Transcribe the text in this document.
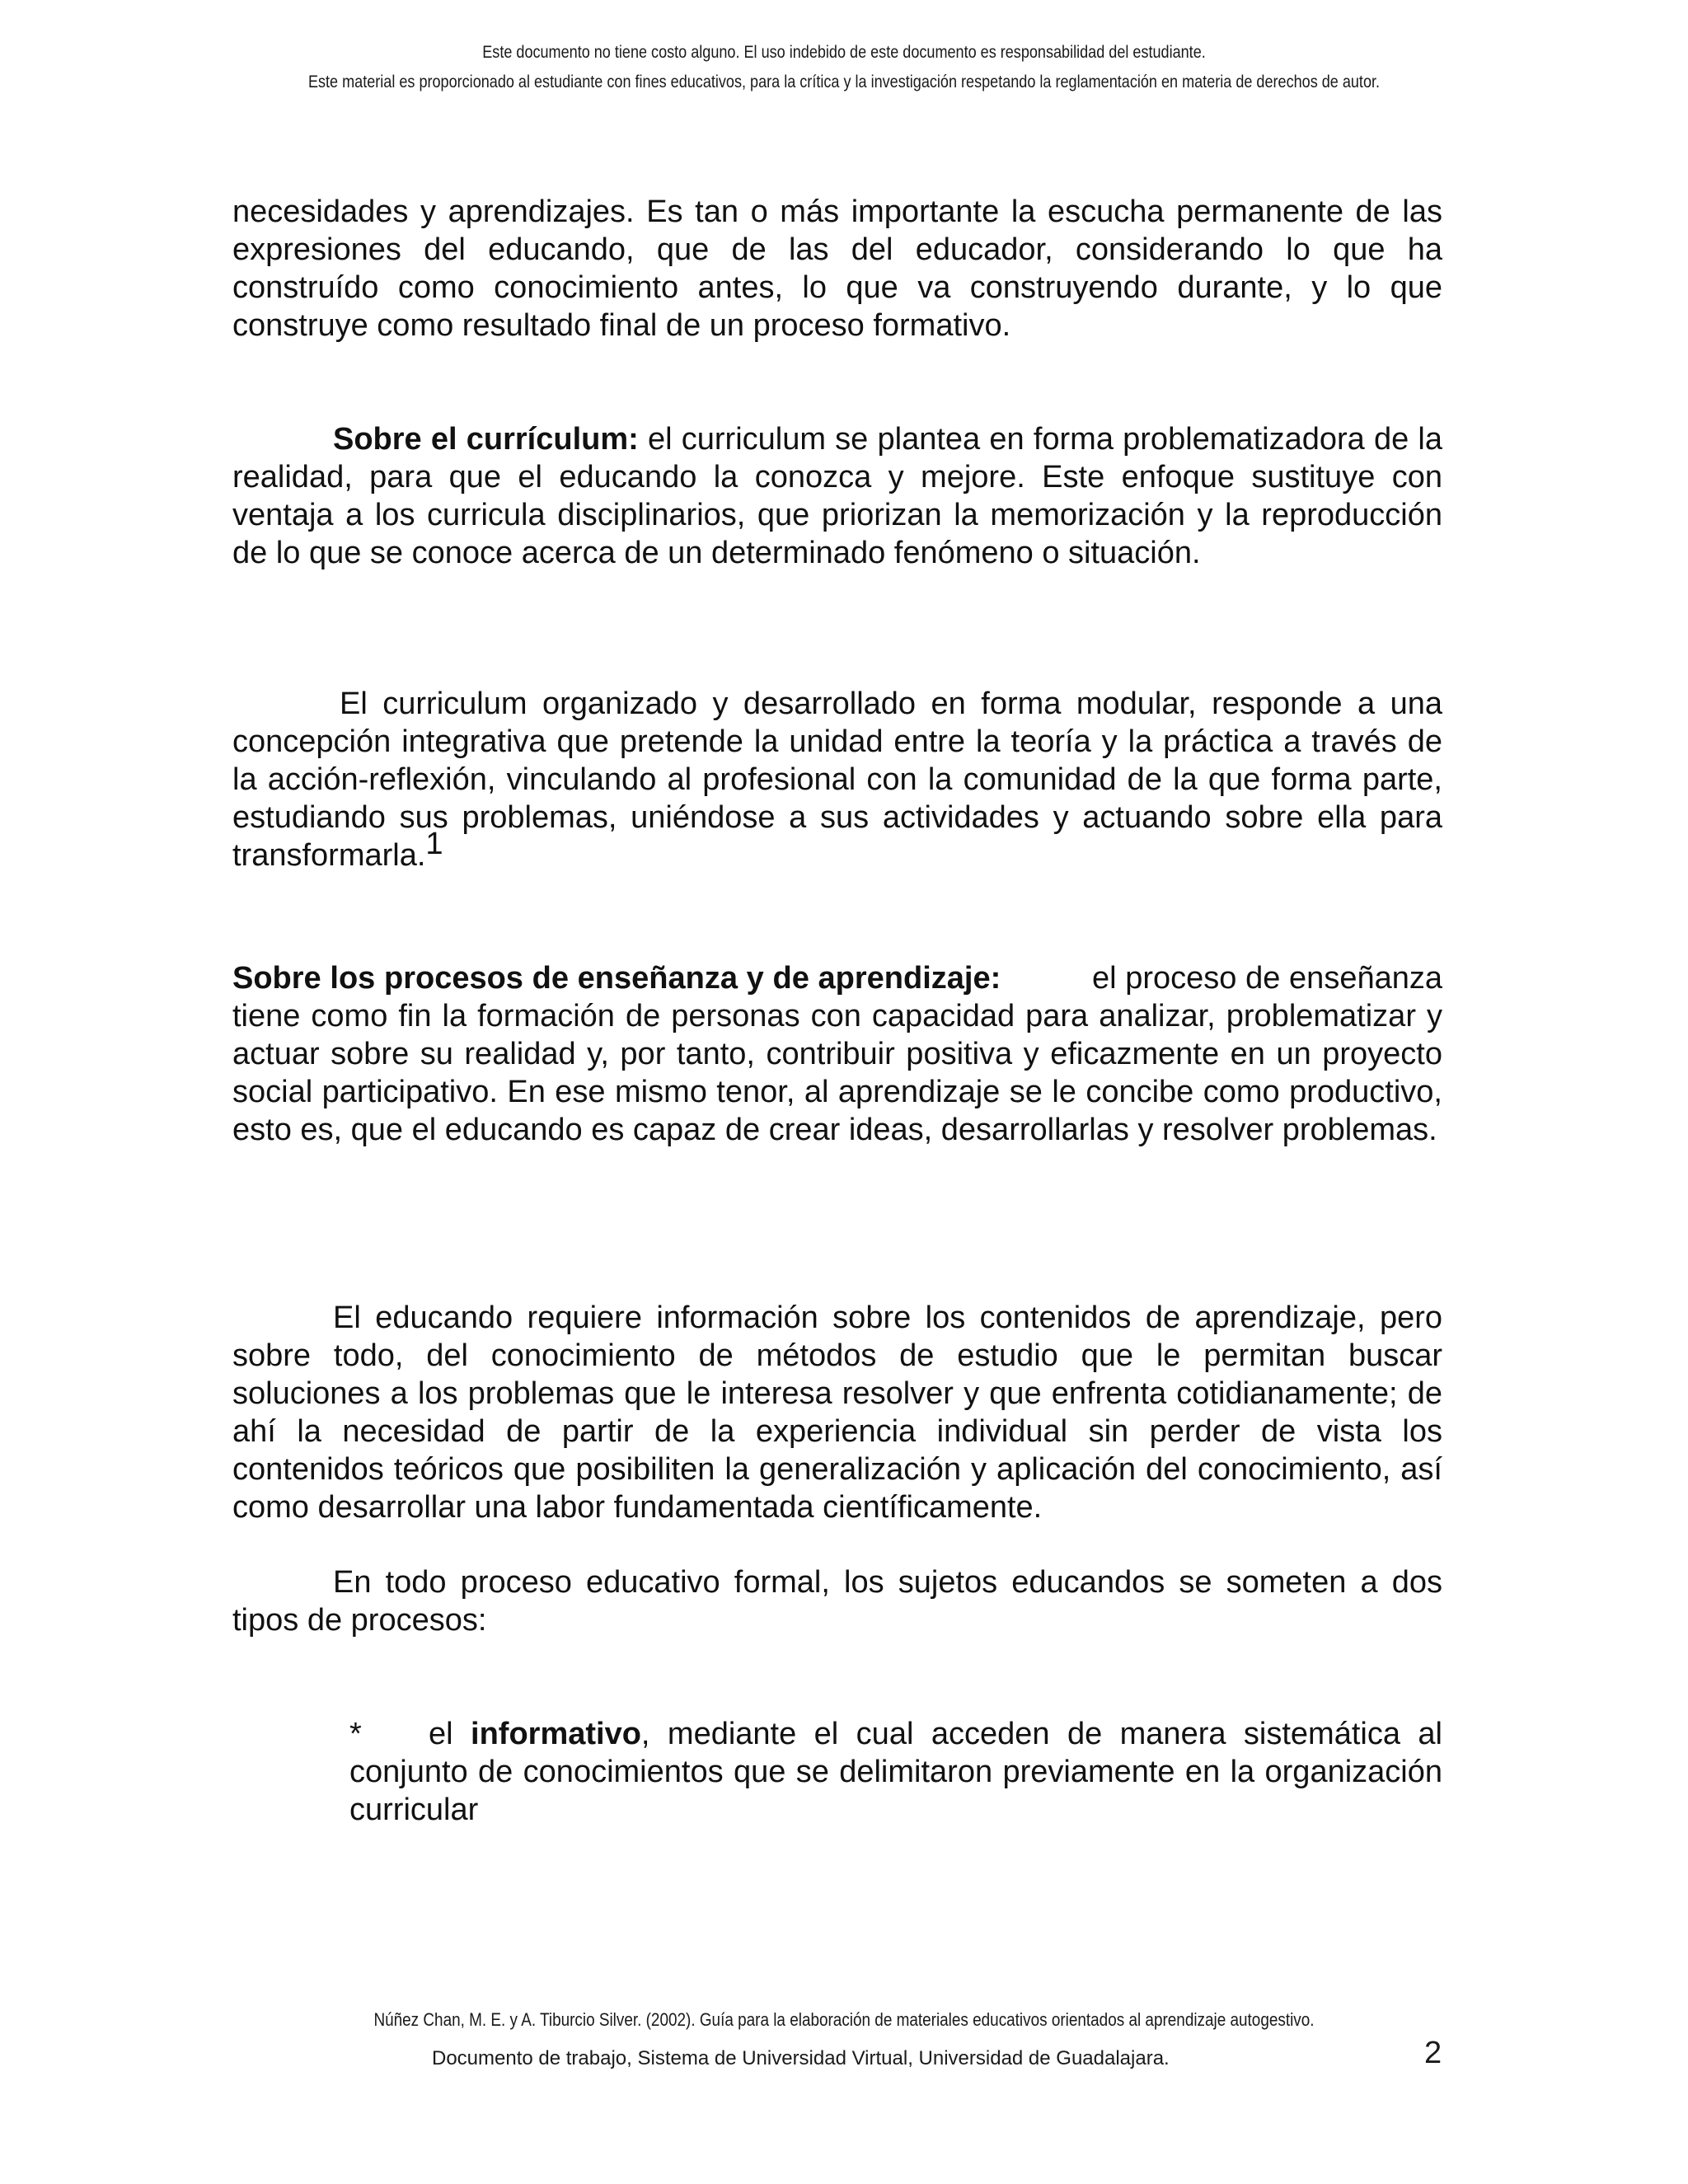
Este documento no tiene costo alguno. El uso indebido de este documento es responsabilidad del estudiante.
Este material es proporcionado al estudiante con fines educativos, para la crítica y la investigación respetando la reglamentación en materia de derechos de autor.

necesidades y aprendizajes. Es tan o más importante la escucha permanente de las expresiones del educando, que de las del educador, considerando lo que ha construído como conocimiento antes, lo que va construyendo durante, y lo que construye como resultado final de un proceso formativo.

Sobre el currículum: el curriculum se plantea en forma problematizadora de la realidad, para que el educando la conozca y mejore. Este enfoque sustituye con ventaja a los curricula disciplinarios, que priorizan la memorización y la reproducción de lo que se conoce acerca de un determinado fenómeno o situación.

El curriculum organizado y desarrollado en forma modular, responde a una concepción integrativa que pretende la unidad entre la teoría y la práctica a través de la acción-reflexión, vinculando al profesional con la comunidad de la que forma parte, estudiando sus problemas, uniéndose a sus actividades y actuando sobre ella para transformarla.$^1$

Sobre los procesos de enseñanza y de aprendizaje:	el proceso de enseñanza tiene como fin la formación de personas con capacidad para analizar, problematizar y actuar sobre su realidad y, por tanto, contribuir positiva y eficazmente en un proyecto social participativo. En ese mismo tenor, al aprendizaje se le concibe como productivo, esto es, que el educando es capaz de crear ideas, desarrollarlas y resolver problemas.

El educando requiere información sobre los contenidos de aprendizaje, pero sobre todo, del conocimiento de métodos de estudio que le permitan buscar soluciones a los problemas que le interesa resolver y que enfrenta cotidianamente; de ahí la necesidad de partir de la experiencia individual sin perder de vista los contenidos teóricos que posibiliten la generalización y aplicación del conocimiento, así como desarrollar una labor fundamentada científicamente.

En todo proceso educativo formal, los sujetos educandos se someten a dos tipos de procesos:

* el informativo, mediante el cual acceden de manera sistemática al conjunto de conocimientos que se delimitaron previamente en la organización curricular
Núñez Chan, M. E. y A. Tiburcio Silver. (2002). Guía para la elaboración de materiales educativos orientados al aprendizaje autogestivo.
Documento de trabajo, Sistema de Universidad Virtual, Universidad de Guadalajara.	2
